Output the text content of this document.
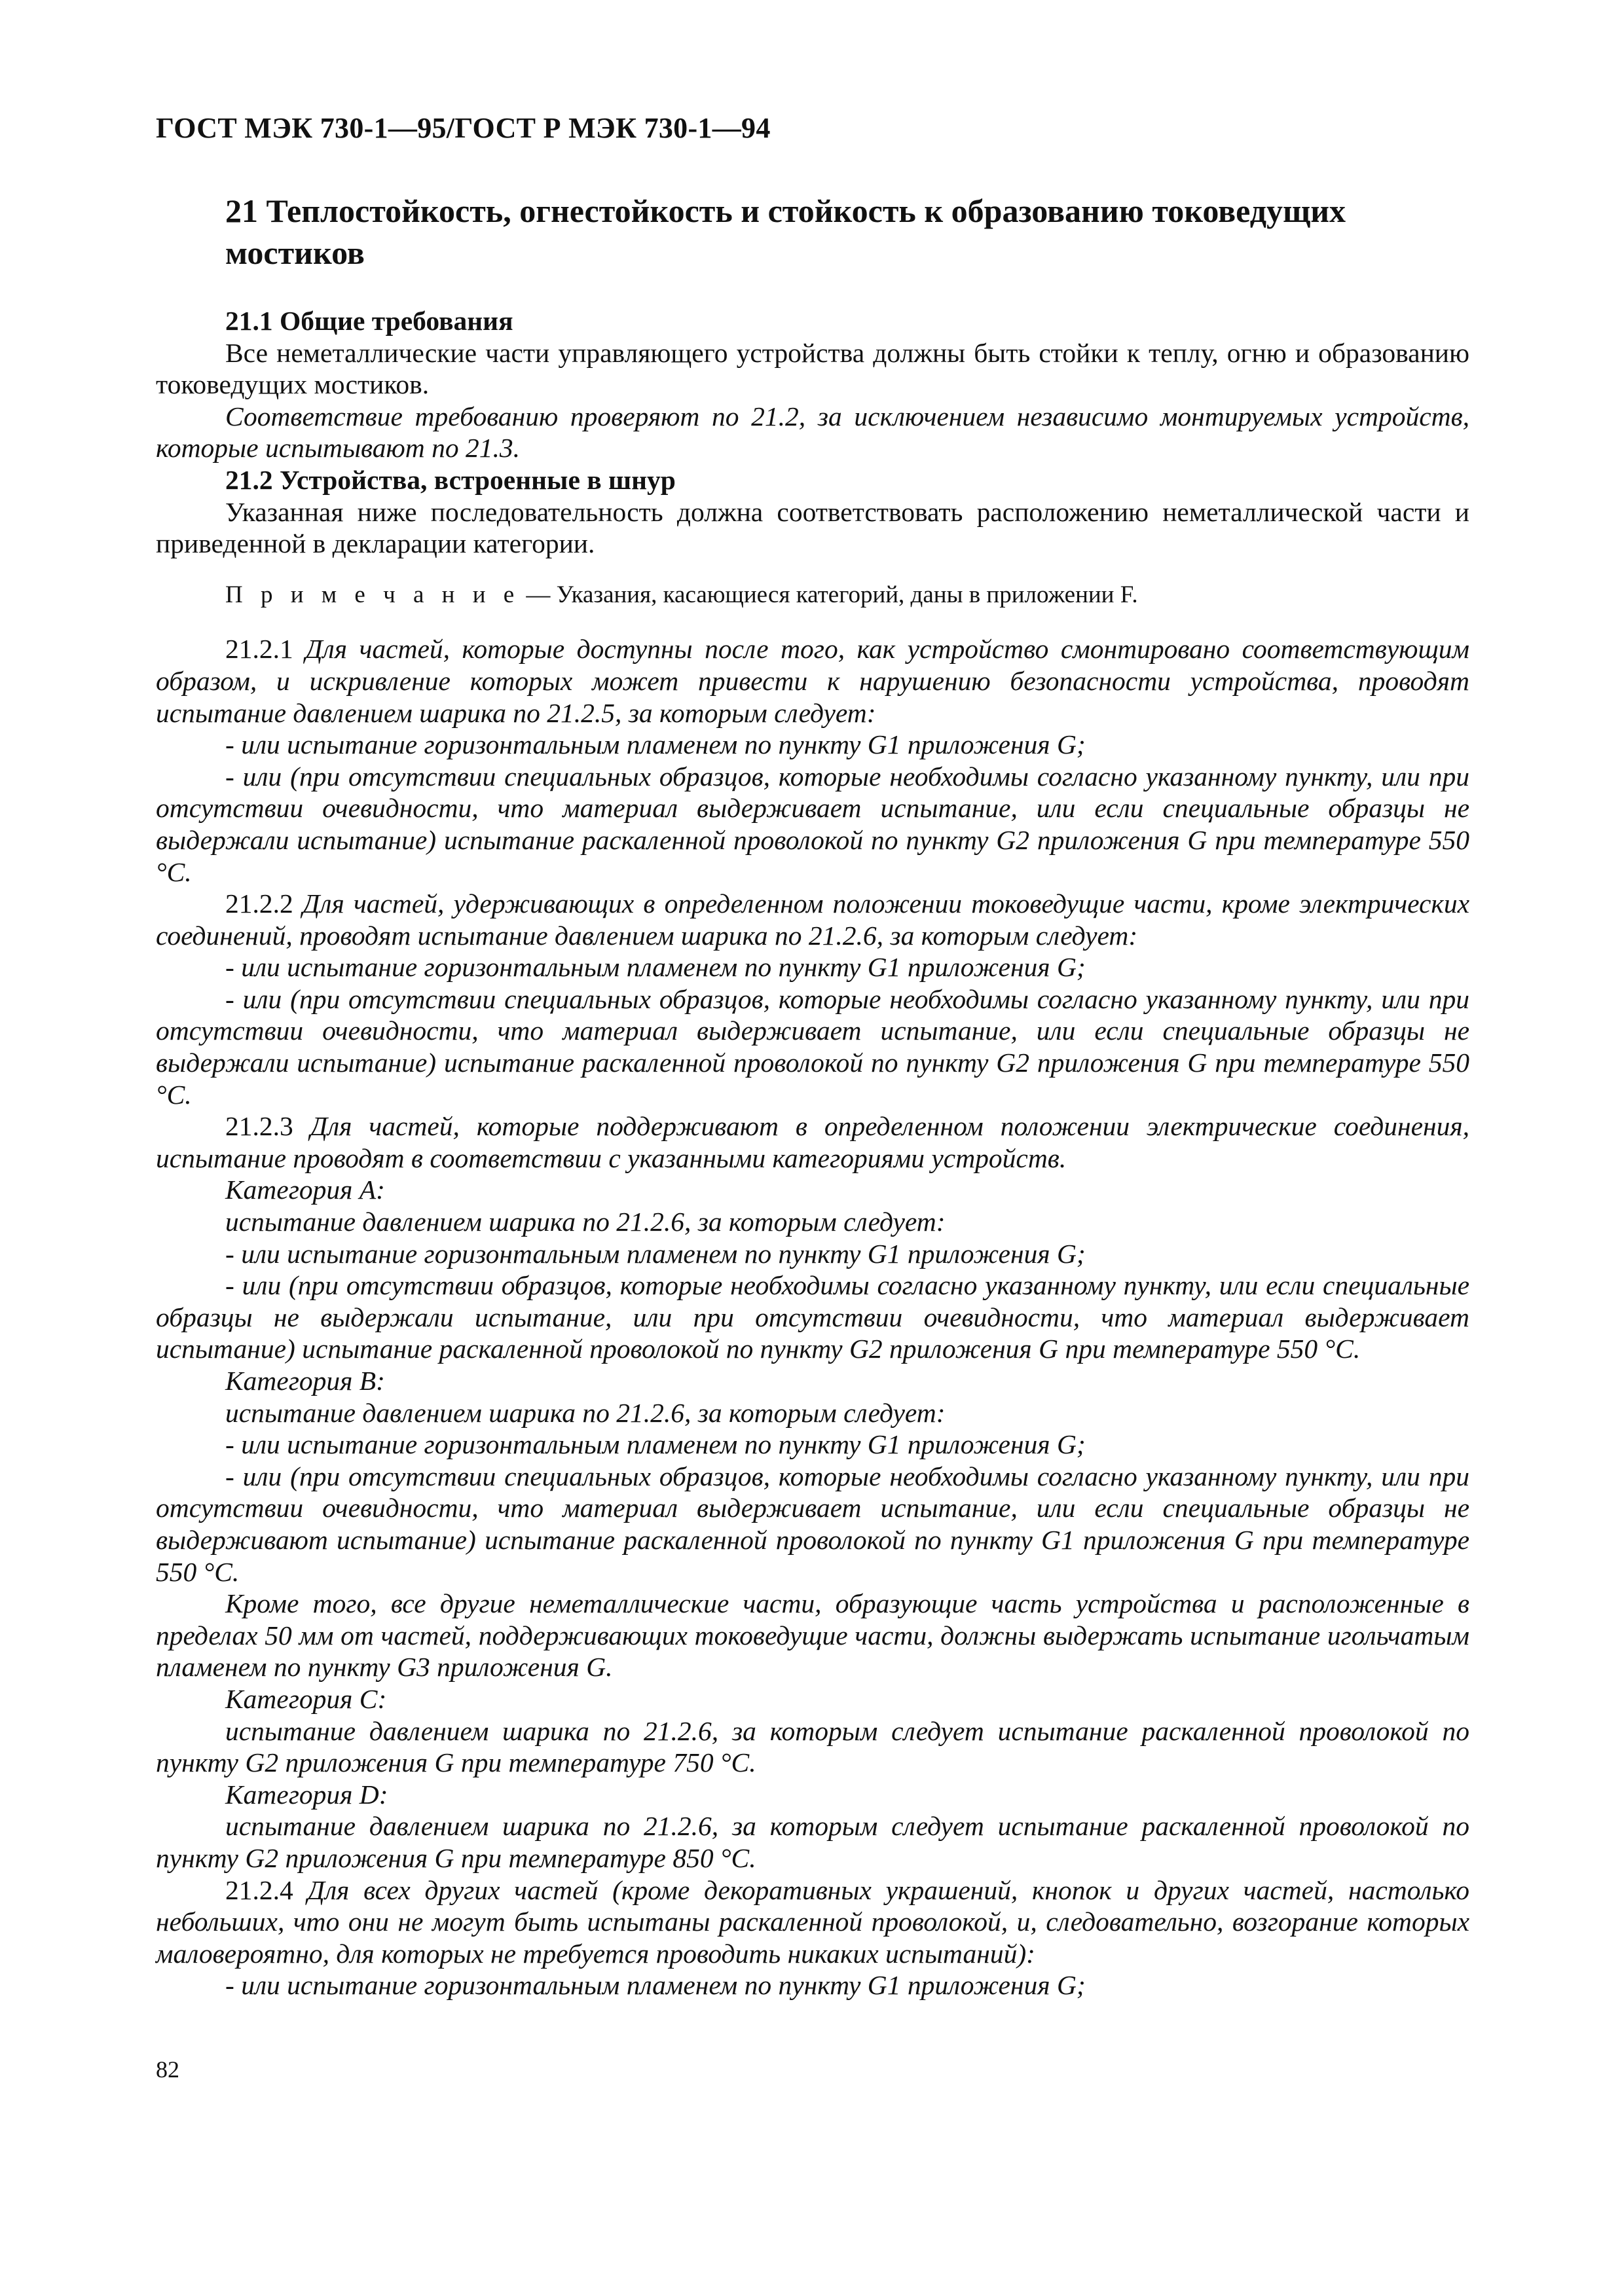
ГОСТ МЭК 730-1—95/ГОСТ Р МЭК 730-1—94
21 Теплостойкость, огнестойкость и стойкость к образованию токоведущих мостиков

21.1 Общие требования

Все неметаллические части управляющего устройства должны быть стойки к теплу, огню и образованию токоведущих мостиков.

Соответствие требованию проверяют по 21.2, за исключением независимо монтируемых устройств, которые испытывают по 21.3.

21.2 Устройства, встроенные в шнур

Указанная ниже последовательность должна соответствовать расположению неметаллической части и приведенной в декларации категории.

П р и м е ч а н и е — Указания, касающиеся категорий, даны в приложении F.

21.2.1 Для частей, которые доступны после того, как устройство смонтировано соответствующим образом, и искривление которых может привести к нарушению безопасности устройства, проводят испытание давлением шарика по 21.2.5, за которым следует:

- или испытание горизонтальным пламенем по пункту G1 приложения G;

- или (при отсутствии специальных образцов, которые необходимы согласно указанному пункту, или при отсутствии очевидности, что материал выдерживает испытание, или если специальные образцы не выдержали испытание) испытание раскаленной проволокой по пункту G2 приложения G при температуре 550 °С.

21.2.2 Для частей, удерживающих в определенном положении токоведущие части, кроме электрических соединений, проводят испытание давлением шарика по 21.2.6, за которым следует:

- или испытание горизонтальным пламенем по пункту G1 приложения G;

- или (при отсутствии специальных образцов, которые необходимы согласно указанному пункту, или при отсутствии очевидности, что материал выдерживает испытание, или если специальные образцы не выдержали испытание) испытание раскаленной проволокой по пункту G2 приложения G при температуре 550 °С.

21.2.3 Для частей, которые поддерживают в определенном положении электрические соединения, испытание проводят в соответствии с указанными категориями устройств.

Категория А:

испытание давлением шарика по 21.2.6, за которым следует:

- или испытание горизонтальным пламенем по пункту G1 приложения G;

- или (при отсутствии образцов, которые необходимы согласно указанному пункту, или если специальные образцы не выдержали испытание, или при отсутствии очевидности, что материал выдерживает испытание) испытание раскаленной проволокой по пункту G2 приложения G при температуре 550 °С.

Категория В:

испытание давлением шарика по 21.2.6, за которым следует:

- или испытание горизонтальным пламенем по пункту G1 приложения G;

- или (при отсутствии специальных образцов, которые необходимы согласно указанному пункту, или при отсутствии очевидности, что материал выдерживает испытание, или если специальные образцы не выдерживают испытание) испытание раскаленной проволокой по пункту G1 приложения G при температуре 550 °С.

Кроме того, все другие неметаллические части, образующие часть устройства и расположенные в пределах 50 мм от частей, поддерживающих токоведущие части, должны выдержать испытание игольчатым пламенем по пункту G3 приложения G.

Категория С:

испытание давлением шарика по 21.2.6, за которым следует испытание раскаленной проволокой по пункту G2 приложения G при температуре 750 °С.

Категория D:

испытание давлением шарика по 21.2.6, за которым следует испытание раскаленной проволокой по пункту G2 приложения G при температуре 850 °С.

21.2.4 Для всех других частей (кроме декоративных украшений, кнопок и других частей, настолько небольших, что они не могут быть испытаны раскаленной проволокой, и, следовательно, возгорание которых маловероятно, для которых не требуется проводить никаких испытаний):

- или испытание горизонтальным пламенем по пункту G1 приложения G;

82
